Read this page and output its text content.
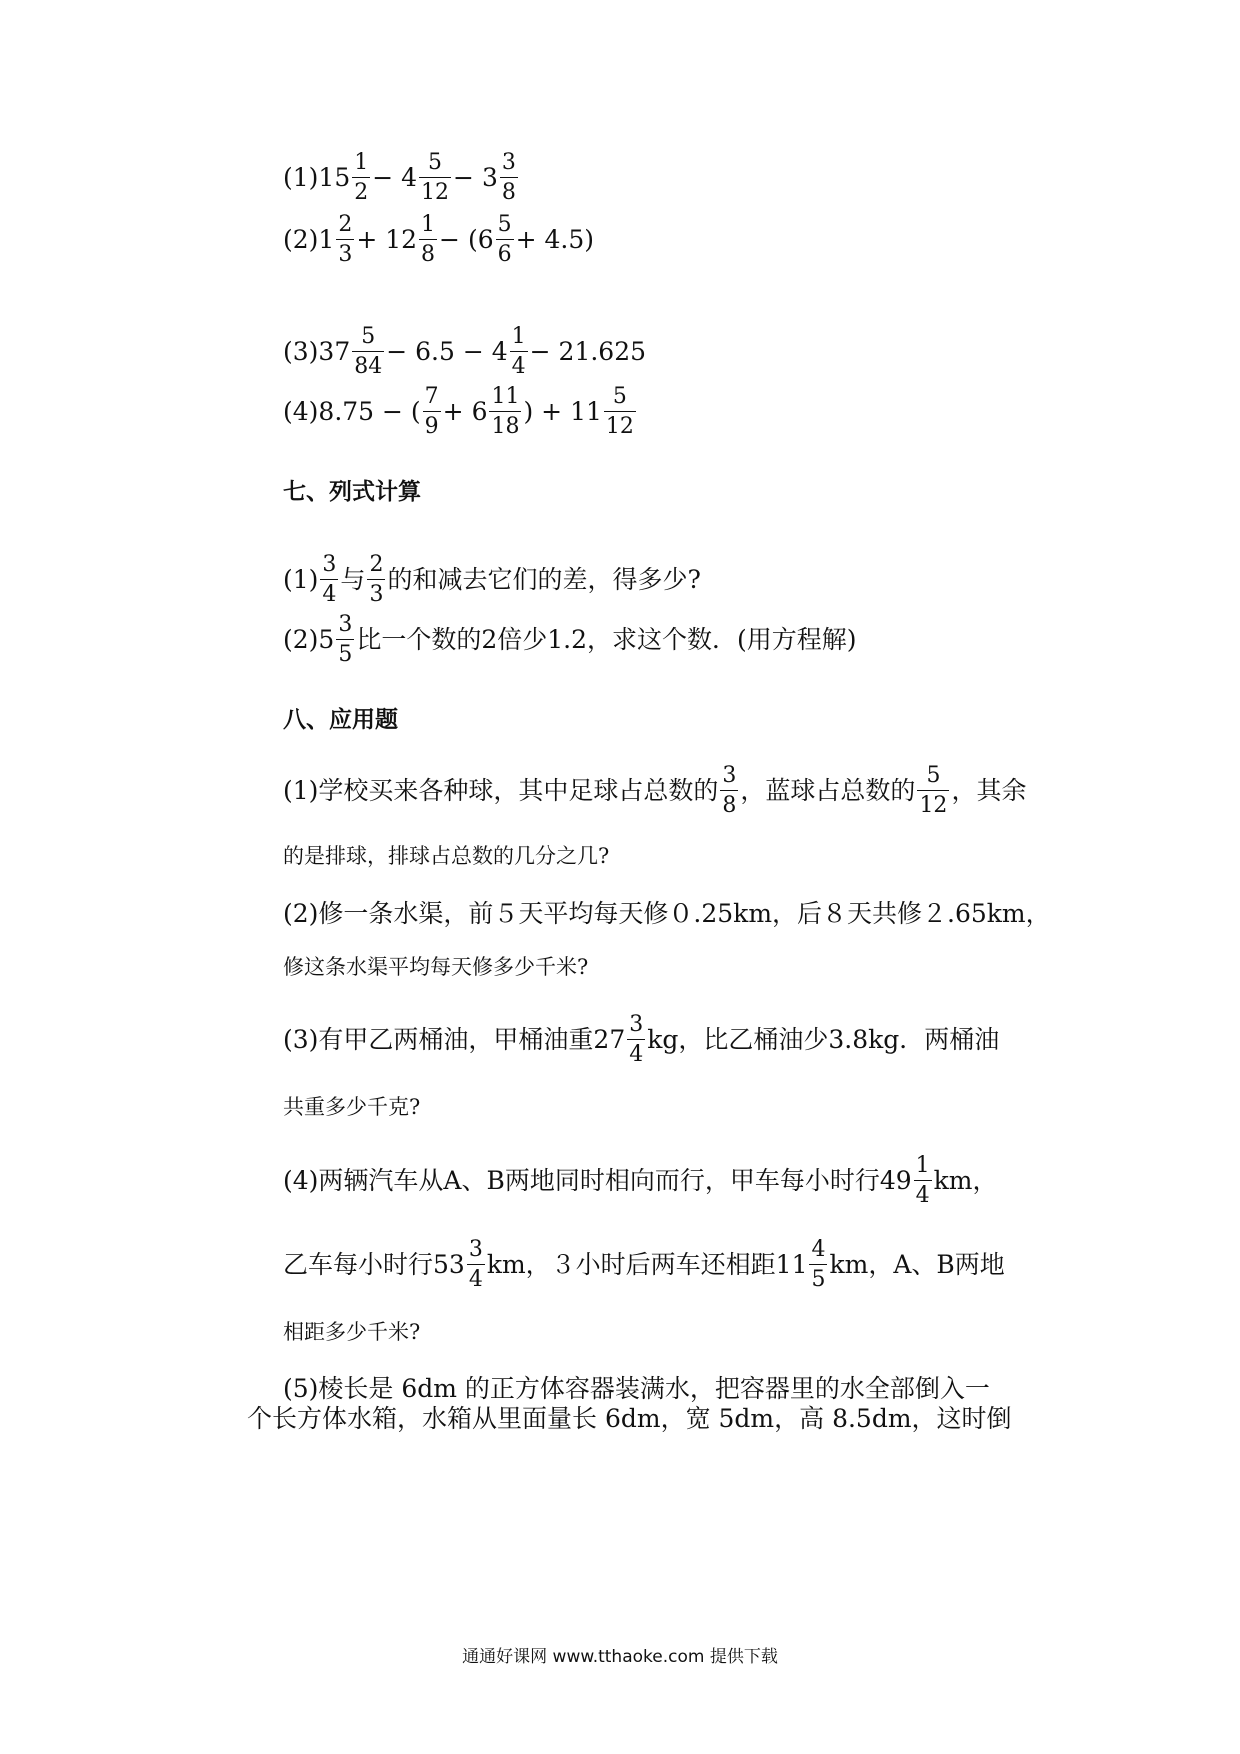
$(1)15 \frac{1}{2} - 4 \frac{5}{12} - 3 \frac{3}{8}$
$(2)1 \frac{2}{3} + 12 \frac{1}{8} - (6 \frac{5}{6} + 4.5)$
$(3)37 \frac{5}{84} - 6.5 - 4 \frac{1}{4} - 21.625$
(4)8.75 − ( $\frac{7}{9} + 6 \frac{11}{18}$ ) + $11 \frac{5}{12}$
七、列式计算
$(1) \frac{3}{4}$ 与 $\frac{2}{3}$ 的和减去它们的差，得多少?
$(2)5 \frac{3}{5}$ 比一个数的2倍少1.2，求这个数．(用方程解)
八、应用题
(1)学校买来各种球，其中足球占总数的 $\frac{3}{8}$ ，蓝球占总数的 $\frac{5}{12}$ ，其余
的是排球，排球占总数的几分之几?
(2)修一条水渠，前５天平均每天修０.25km，后８天共修２.65km，
修这条水渠平均每天修多少千米?
(3)有甲乙两桶油，甲桶油重$27 \frac{3}{4}$ kg，比乙桶油少3.8kg．两桶油
共重多少千克?
(4)两辆汽车从A、B两地同时相向而行，甲车每小时行$49 \frac{1}{4}$ km，
乙车每小时行$53 \frac{3}{4}$ km，３小时后两车还相距$11 \frac{4}{5}$ km，A、B两地
相距多少千米?
(5)棱长是 6dm 的正方体容器装满水，把容器里的水全部倒入一
个长方体水箱，水箱从里面量长 6dm，宽 5dm，高 8.5dm，这时倒
通通好课网 www.tthaoke.com 提供下载
